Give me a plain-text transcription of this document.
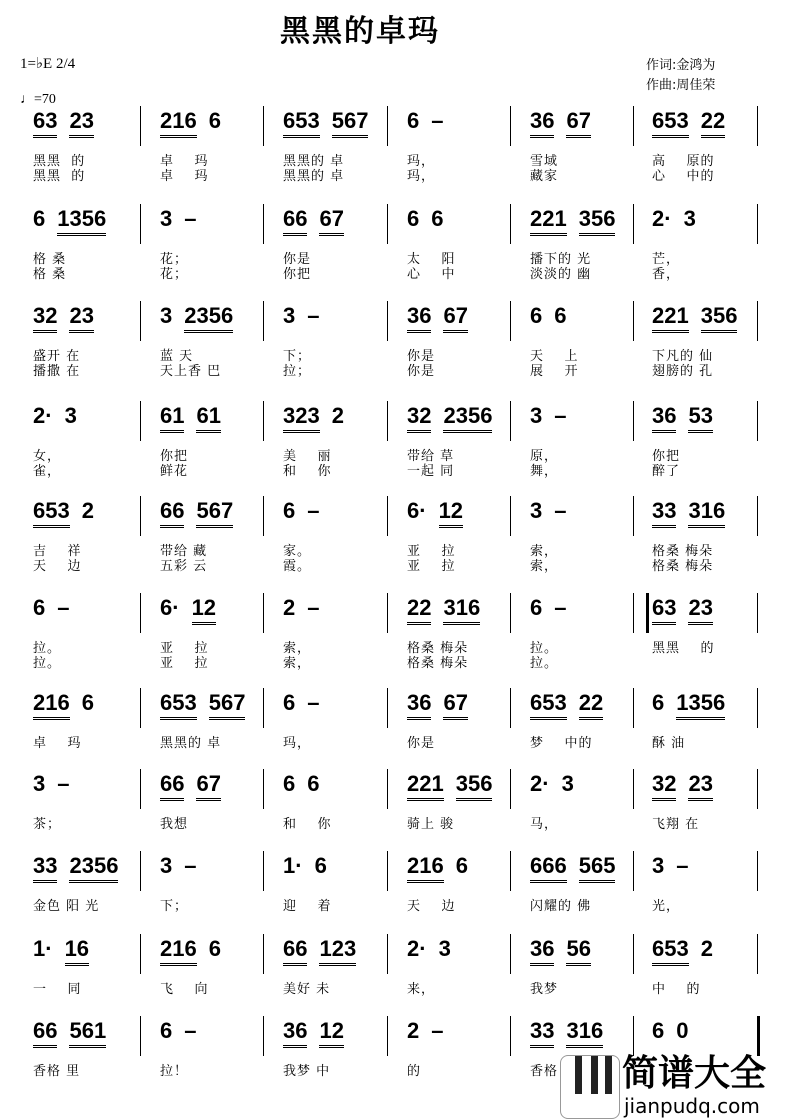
黑黑的卓玛
1=♭E 2/4
♩=70
作词:金鸿为
作曲:周佳荣
63 23	216 6	653 567	6 –	36 67	653 22
黑黑  的	卓    玛	黑黑的 卓	玛，	雪域	高    原的
黑黑  的	卓    玛	黑黑的 卓	玛，	藏家	心    中的
6 1356	3 –	66 67	6 6	221 356	2· 3
格 桑	花；	你是	太    阳	播下的 光	芒，
格 桑	花；	你把	心    中	淡淡的 幽	香，
32 23	3 2356	3 –	36 67	6 6	221 356
盛开 在	蓝 天	下；	你是	天    上	下凡的 仙
播撒 在	天上香 巴	拉；	你是	展    开	翅膀的 孔
2· 3	61 61	323 2	32 2356	3 –	36 53
女，	你把	美    丽	带给 草	原，	你把
雀，	鲜花	和    你	一起 同	舞，	醉了
653 2	66 567	6 –	6· 12	3 –	33 316
吉    祥	带给 藏	家。	亚    拉	索，	格桑 梅朵
天    边	五彩 云	霞。	亚    拉	索，	格桑 梅朵
6 –	6· 12	2 –	22 316	6 –	63 23
拉。	亚    拉	索，	格桑 梅朵	拉。	黑黑    的
拉。	亚    拉	索，	格桑 梅朵	拉。
216 6	653 567	6 –	36 67	653 22	6 1356
卓    玛	黑黑的 卓	玛，	你是	梦    中的	酥 油
3 –	66 67	6 6	221 356	2· 3	32 23
茶；	我想	和    你	骑上 骏	马，	飞翔 在
33 2356	3 –	1· 6	216 6	666 565	3 –
金色 阳 光	下；	迎    着	天    边	闪耀的 佛	光，
1· 16	216 6	66 123	2· 3	36 56	653 2
一    同	飞    向	美好 未	来，	我梦	中    的
66 561	6 –	36 12	2 –	33 316	6 0
香格 里	拉！	我梦 中	的	香格 简谱大全
jianpudq.com
